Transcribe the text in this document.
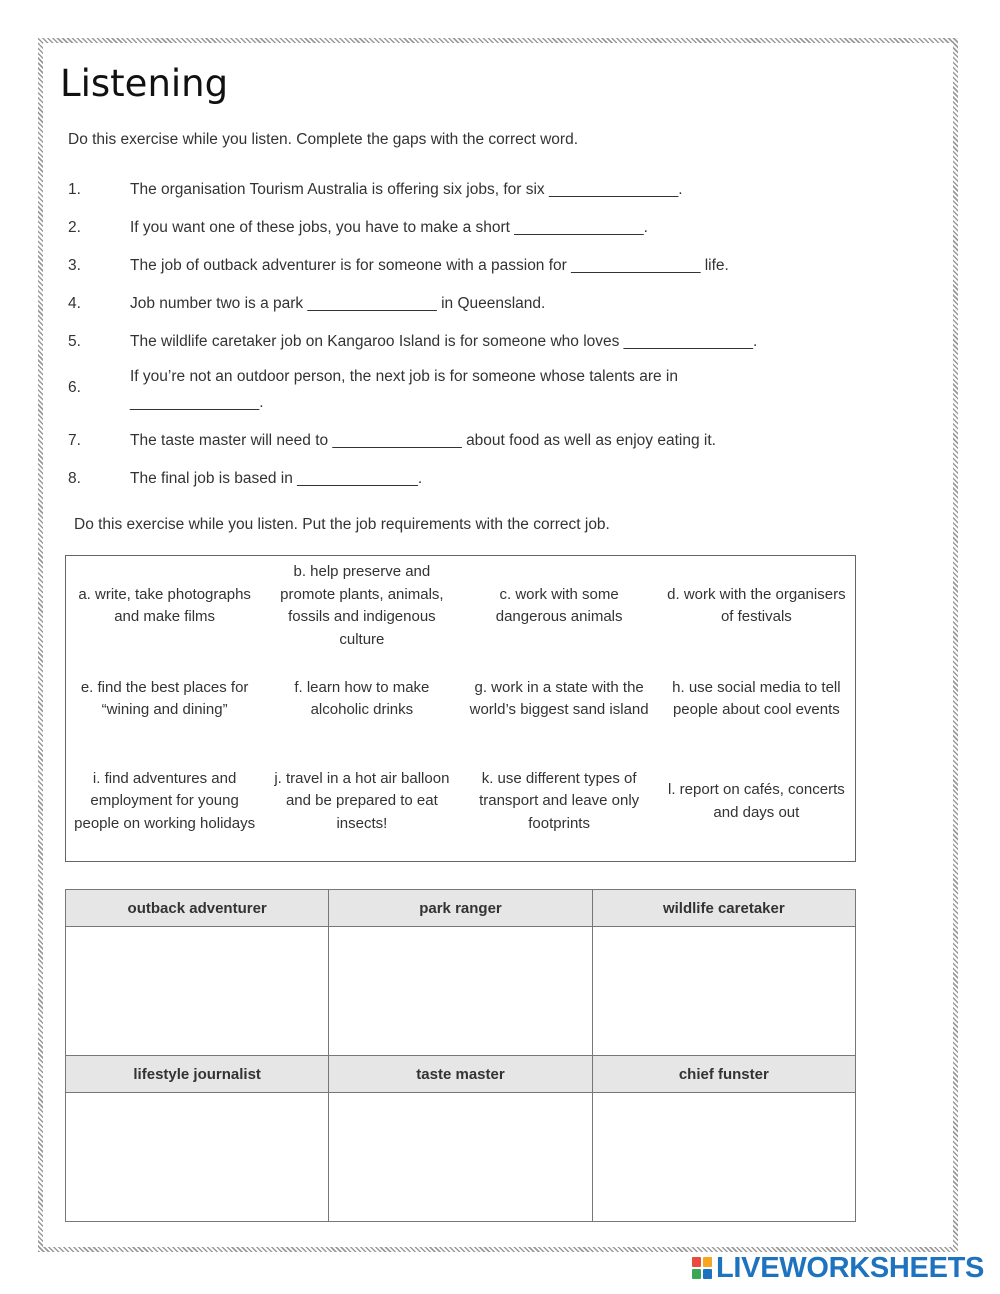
Listening
Do this exercise while you listen. Complete the gaps with the correct word.
1.	The organisation Tourism Australia is offering six jobs, for six _______________.
2.	If you want one of these jobs, you have to make a short _______________.
3.	The job of outback adventurer is for someone with a passion for _______________ life.
4.	Job number two is a park _______________ in Queensland.
5.	The wildlife caretaker job on Kangaroo Island is for someone who loves _______________.
6.
If you’re not an outdoor person, the next job is for someone whose talents are in _______________.
7.	The taste master will need to _______________ about food as well as enjoy eating it.
8.	The final job is based in ______________.
Do this exercise while you listen. Put the job requirements with the correct job.
a. write, take photographs and make films
b. help preserve and promote plants, animals, fossils and indigenous culture
c. work with some dangerous animals
d. work with the organisers of festivals
e. find the best places for “wining and dining”
f. learn how to make alcoholic drinks
g. work in a state with the world’s biggest sand island
h. use social media to tell people about cool events
i. find adventures and employment for young people on working holidays
j. travel in a hot air balloon and be prepared to eat insects!
k. use different types of transport and leave only footprints
l. report on cafés, concerts and days out
outback adventurer	park ranger	wildlife caretaker

lifestyle journalist	taste master	chief funster

LIVEWORKSHEETS
